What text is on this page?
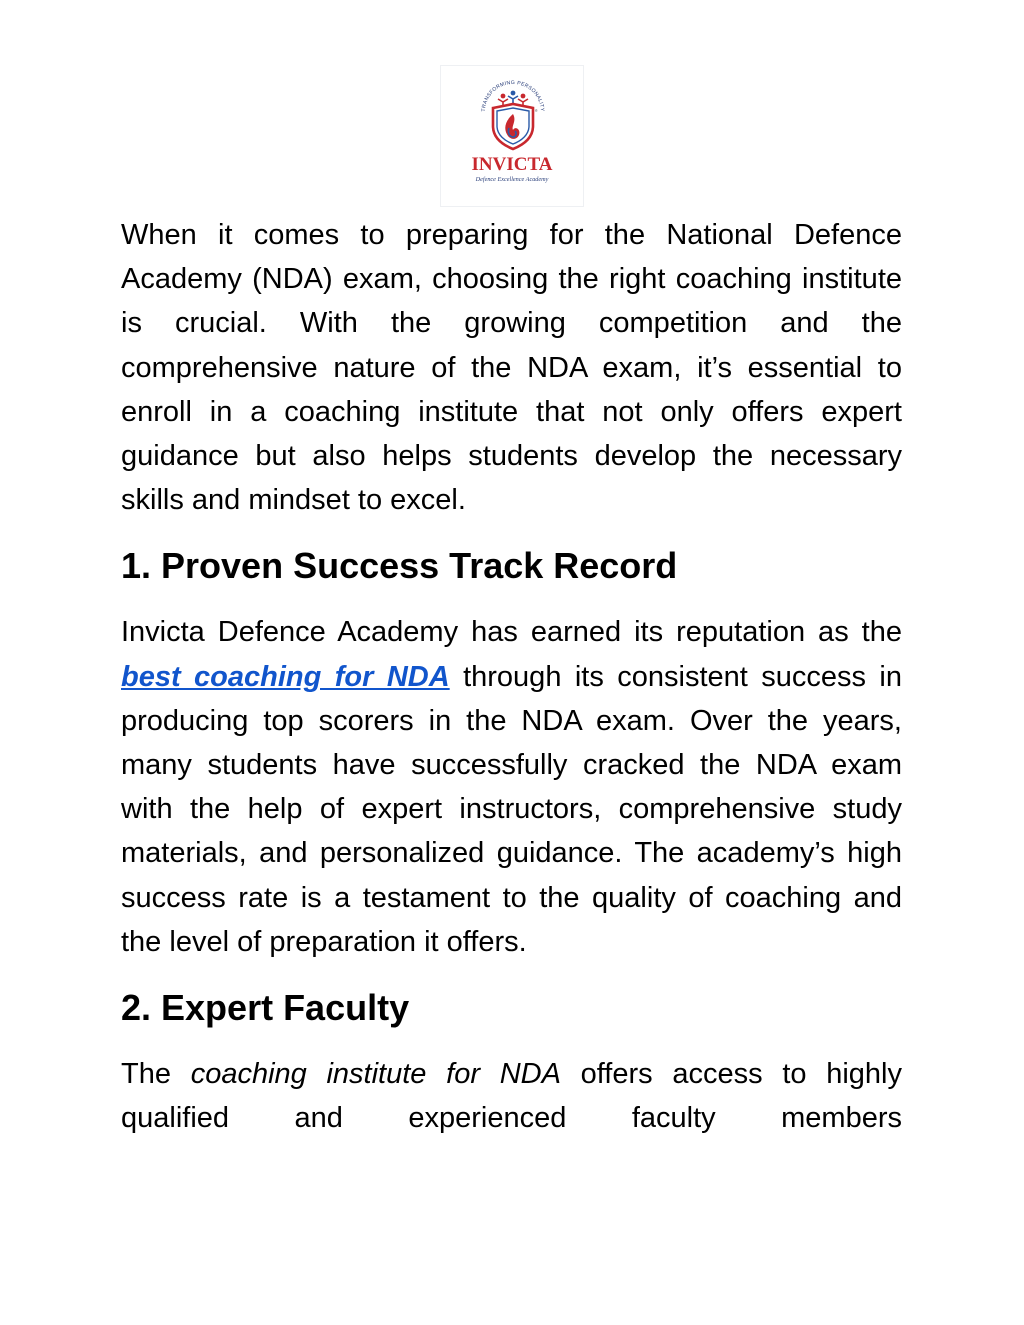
TRANSFORMING PERSONALITY
®
INVICTA
Defence Excellence Academy

When it comes to preparing for the National Defence Academy (NDA) exam, choosing the right coaching institute is crucial. With the growing competition and the comprehensive nature of the NDA exam, it’s essential to enroll in a coaching institute that not only offers expert guidance but also helps students develop the necessary skills and mindset to excel.

1. Proven Success Track Record

Invicta Defence Academy has earned its reputation as the best coaching for NDA through its consistent success in producing top scorers in the NDA exam. Over the years, many students have successfully cracked the NDA exam with the help of expert instructors, comprehensive study materials, and personalized guidance. The academy’s high success rate is a testament to the quality of coaching and the level of preparation it offers.

2. Expert Faculty

The coaching institute for NDA offers access to highly qualified and experienced faculty members
